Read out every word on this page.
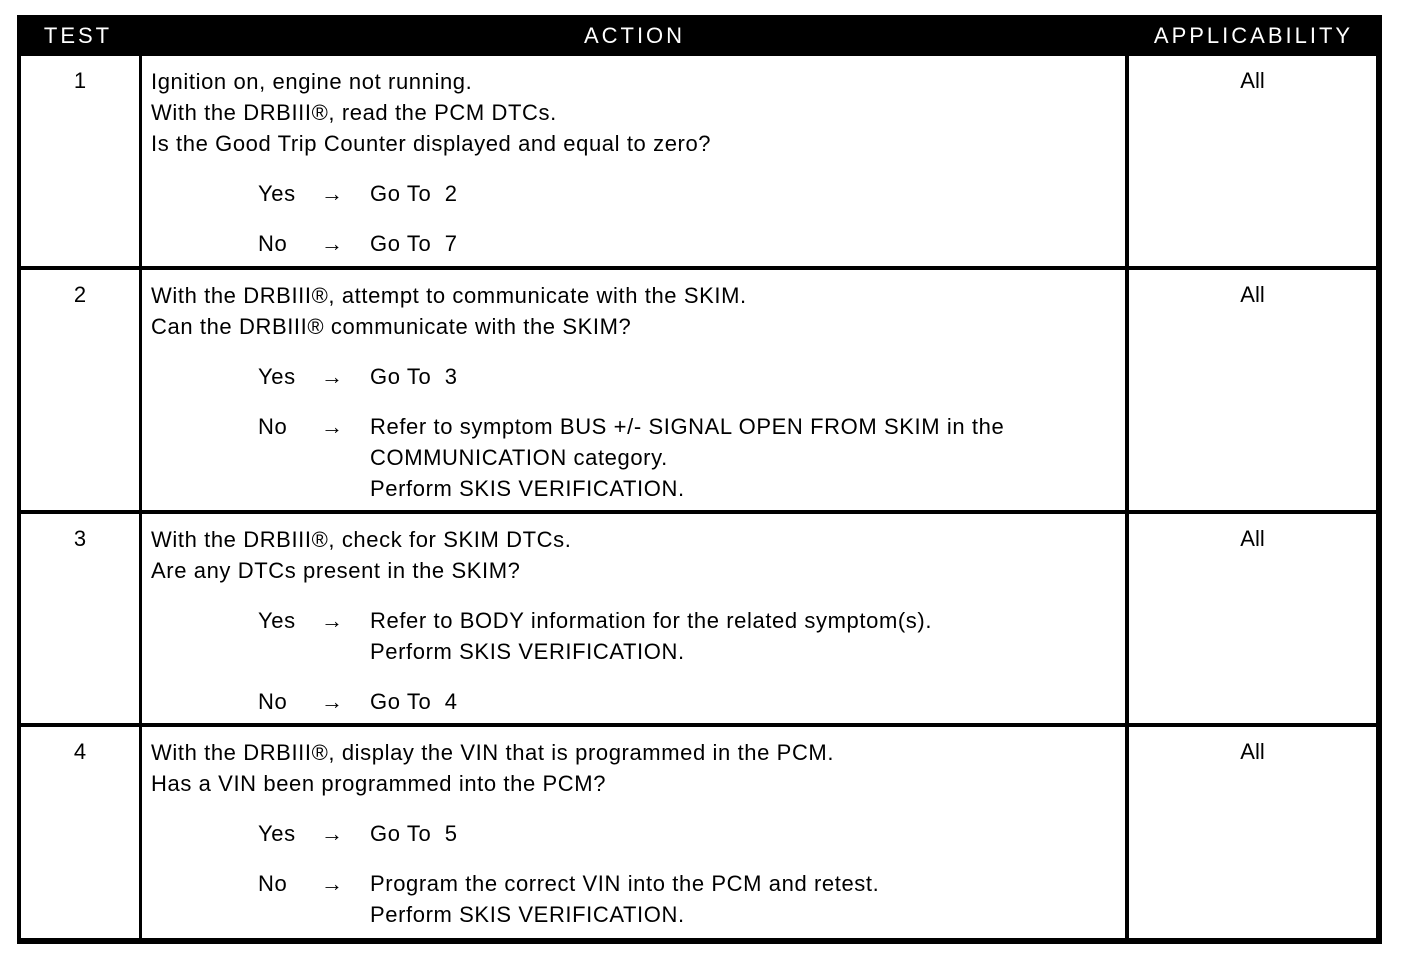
TEST	ACTION	APPLICABILITY
1	Ignition on, engine not running.
With the DRBIII®, read the PCM DTCs.
Is the Good Trip Counter displayed and equal to zero?
Yes → Go To  2
No → Go To  7
All
2	With the DRBIII®, attempt to communicate with the SKIM.
Can the DRBIII® communicate with the SKIM?
Yes → Go To  3
No → Refer to symptom BUS +/- SIGNAL OPEN FROM SKIM in the
COMMUNICATION category.
Perform SKIS VERIFICATION.
All
3	With the DRBIII®, check for SKIM DTCs.
Are any DTCs present in the SKIM?
Yes → Refer to BODY information for the related symptom(s).
Perform SKIS VERIFICATION.
No → Go To  4
All
4	With the DRBIII®, display the VIN that is programmed in the PCM.
Has a VIN been programmed into the PCM?
Yes → Go To  5
No → Program the correct VIN into the PCM and retest.
Perform SKIS VERIFICATION.
All
